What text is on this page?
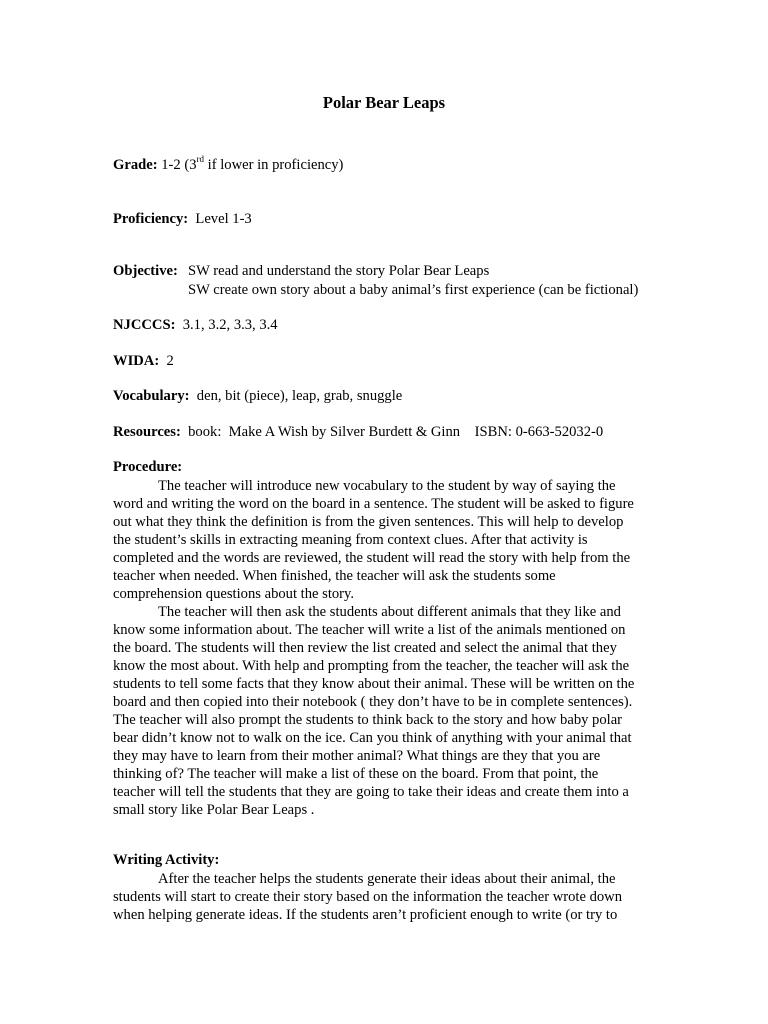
Polar Bear Leaps
Grade: 1-2 (3rd if lower in proficiency)
Proficiency:  Level 1-3
Objective: SW read and understand the story Polar Bear Leaps
SW create own story about a baby animal’s first experience (can be fictional)
NJCCCS:  3.1, 3.2, 3.3, 3.4
WIDA:  2
Vocabulary:  den, bit (piece), leap, grab, snuggle
Resources:  book:  Make A Wish by Silver Burdett & Ginn    ISBN: 0-663-52032-0
Procedure:
The teacher will introduce new vocabulary to the student by way of saying the
word and writing the word on the board in a sentence. The student will be asked to figure
out what they think the definition is from the given sentences. This will help to develop
the student’s skills in extracting meaning from context clues. After that activity is
completed and the words are reviewed, the student will read the story with help from the
teacher when needed. When finished, the teacher will ask the students some
comprehension questions about the story.
The teacher will then ask the students about different animals that they like and
know some information about. The teacher will write a list of the animals mentioned on
the board. The students will then review the list created and select the animal that they
know the most about. With help and prompting from the teacher, the teacher will ask the
students to tell some facts that they know about their animal. These will be written on the
board and then copied into their notebook ( they don’t have to be in complete sentences).
The teacher will also prompt the students to think back to the story and how baby polar
bear didn’t know not to walk on the ice. Can you think of anything with your animal that
they may have to learn from their mother animal? What things are they that you are
thinking of? The teacher will make a list of these on the board. From that point, the
teacher will tell the students that they are going to take their ideas and create them into a
small story like Polar Bear Leaps .
Writing Activity:
After the teacher helps the students generate their ideas about their animal, the
students will start to create their story based on the information the teacher wrote down
when helping generate ideas. If the students aren’t proficient enough to write (or try to
